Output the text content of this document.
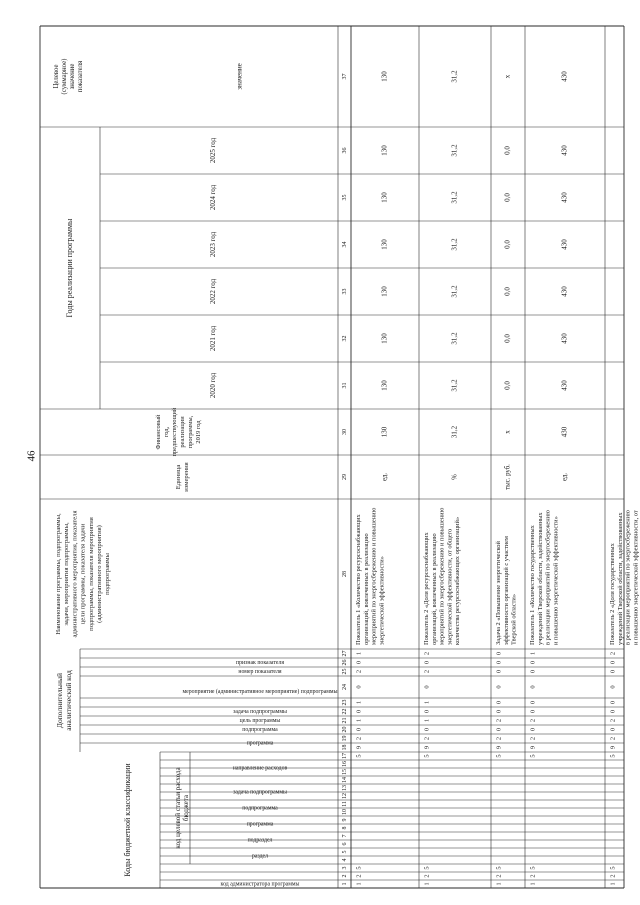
46
Коды бюджетной классификации	код целевой статьи расходабюджета
Дополнительныйаналитический код
Наименование программы, подпрограммы,задачи, мероприятия подпрограммы,административного мероприятия, показателяцели программы, показателя задачиподпрограммы, показателя мероприятия(административного мероприятия)подпрограммы
Единицаизмерения
Финансовыйгод,предшествующийреализациипрограммы,2019 год
Годы реализации программы
2020 год
2021 год
2022 год
2023 год
2024 год
2025 год
Целевое(суммарное)значениепоказателя	значение
код администратора программы
раздел
подраздел
программа
подпрограмма
задача подпрограммы
направление расходов
программа
подпрограмма
цель программы
задача подпрограммы
мероприятие (административное мероприятие) подпрограммы
номер показателя
признак показателя
1
2
3
4
5
6
7
8
9
10
11
12
13
14
15
16
17
18
19
20
21
22
23
24
25
26
27
28
29
30
31
32
33
34
35
36
37
1
2
5
5
9
2
0
1
0
1
0
2
0
1
Показатель 1 «Количество ресурсоснабжающихорганизаций, вовлеченных в реализациюмероприятий по энергосбережению и повышениюэнергетической эффективности»
ед.
130
130
130
130
130
130
130
130
1
2
5
5
9
2
0
1
0
1
0
2
0
2
Показатель 2 «Доля ресурсоснабжающихорганизаций, вовлеченных в реализациюмероприятий по энергосбережению и повышениюэнергетической эффективности, от общегоколичества ресурсоснабжающих организаций»
%
31,2
31,2
31,2
31,2
31,2
31,2
31,2
31,2
1
2
5
5
9
2
0
2
0
0
0
0
0
0
Задача 2 «Повышение энергетическойэффективности организаций с участиемТверской области»
тыс. руб.
x
0,0
0,0
0,0
0,0
0,0
0,0
x
1
2
5
5
9
2
0
2
0
0
0
0
0
1
Показатель 1 «Количество государственныхучреждений Тверской области, задействованныхв реализации мероприятий по энергосбережениюи повышению энергетической эффективности»
ед.
430
430
430
430
430
430
430
430
1
2
5
5
9
2
0
2
0
0
0
0
0
2
Показатель 2 «Доля государственныхучреждений Тверской области, задействованныхв реализации мероприятий по энергосбережениюи повышению энергетической эффективности, от
